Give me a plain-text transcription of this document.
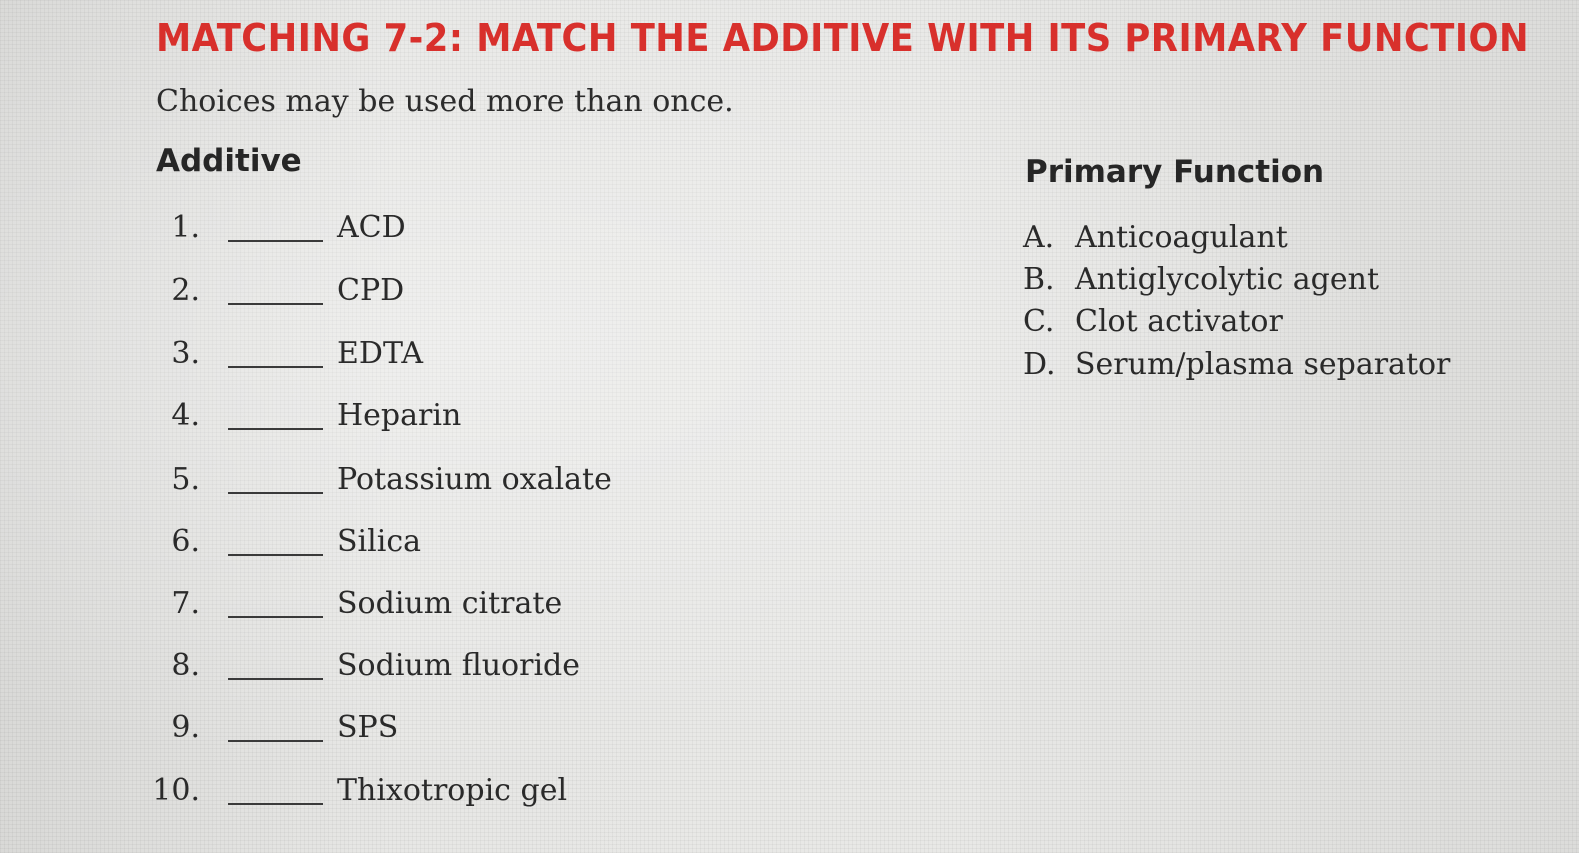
MATCHING 7-2: MATCH THE ADDITIVE WITH ITS PRIMARY FUNCTION
Choices may be used more than once.
Additive	Primary Function
1.	ACD
2.	CPD
3.	EDTA
4.	Heparin
5.	Potassium oxalate
6.	Silica
7.	Sodium citrate
8.	Sodium fluoride
9.	SPS
10.	Thixotropic gel
A. Anticoagulant
B. Antiglycolytic agent
C. Clot activator
D. Serum/plasma separator
